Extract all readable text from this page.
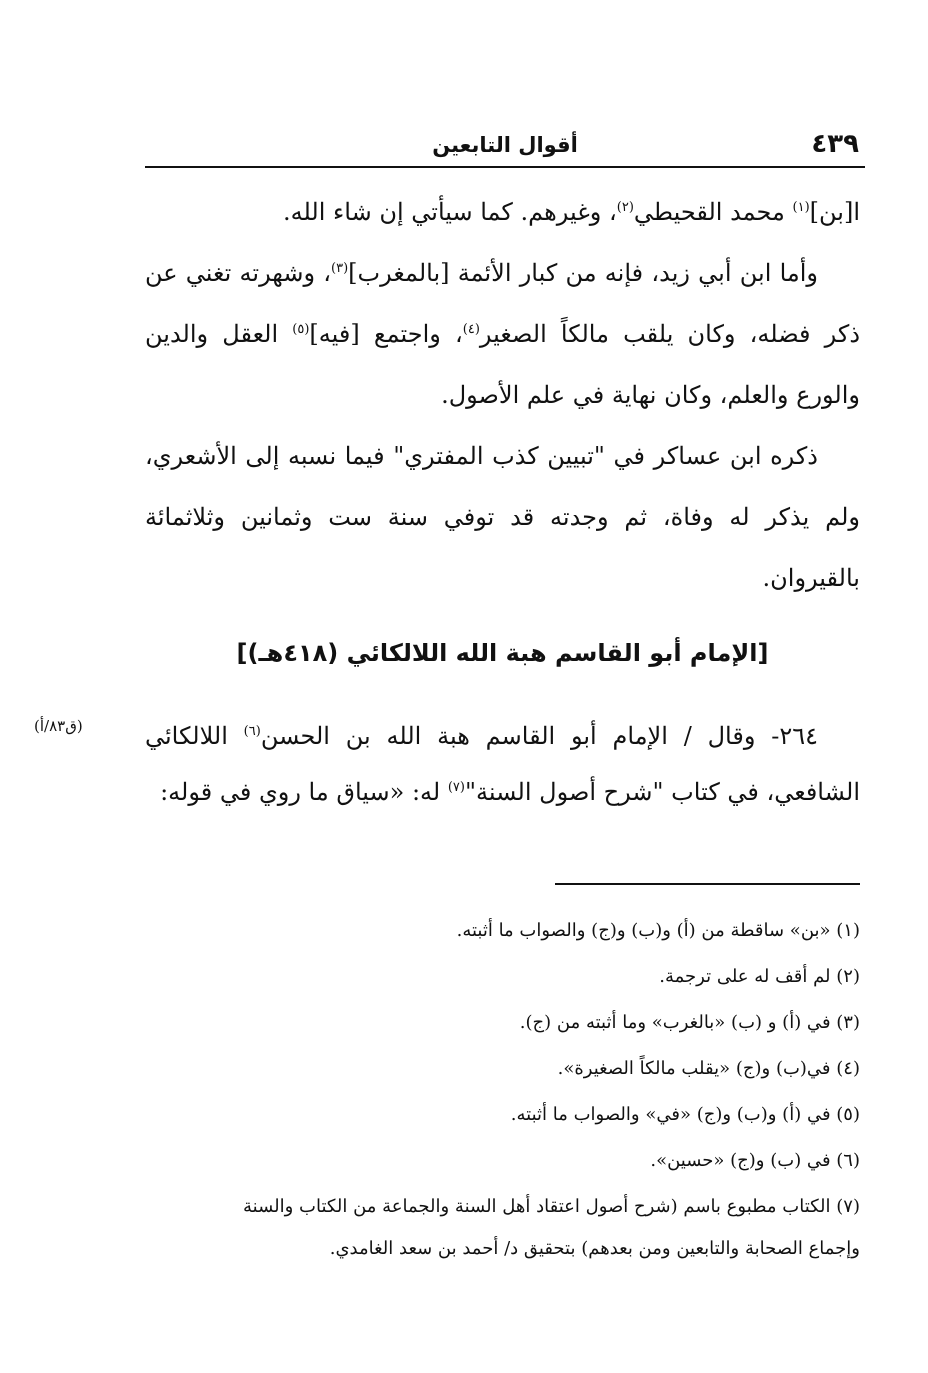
٤٣٩
أقوال التابعين

ا[بن]$^{(١)}$ محمد القحيطي$^{(٢)}$، وغيرهم. كما سيأتي إن شاء الله.

وأما ابن أبي زيد، فإنه من كبار الأئمة [بالمغرب]$^{(٣)}$، وشهرته تغني عن ذكر فضله، وكان يلقب مالكاً الصغير$^{(٤)}$، واجتمع [فيه]$^{(٥)}$ العقل والدين والورع والعلم، وكان نهاية في علم الأصول.

ذكره ابن عساكر في "تبيين كذب المفتري" فيما نسبه إلى الأشعري، ولم يذكر له وفاة، ثم وجدته قد توفي سنة ست وثمانين وثلاثمائة بالقيروان.

[الإمام أبو القاسم هبة الله اللالكائي (٤١٨هـ)]
(ق٨٣/أ)	٢٦٤- وقال / الإمام أبو القاسم هبة الله بن الحسن$^{(٦)}$ اللالكائي الشافعي، في كتاب "شرح أصول السنة"$^{(٧)}$ له: «سياق ما روي في قوله:

(١) «بن» ساقطة من (أ) و(ب) و(ج) والصواب ما أثبته.

(٢) لم أقف له على ترجمة.

(٣) في (أ) و (ب) «بالغرب» وما أثبته من (ج).

(٤) في(ب) و(ج) «يقلب مالكاً الصغيرة».

(٥) في (أ) و(ب) و(ج) «في» والصواب ما أثبته.

(٦) في (ب) و(ج) «حسين».

(٧) الكتاب مطبوع باسم (شرح أصول اعتقاد أهل السنة والجماعة من الكتاب والسنة

وإجماع الصحابة والتابعين ومن بعدهم) بتحقيق د/ أحمد بن سعد الغامدي.
